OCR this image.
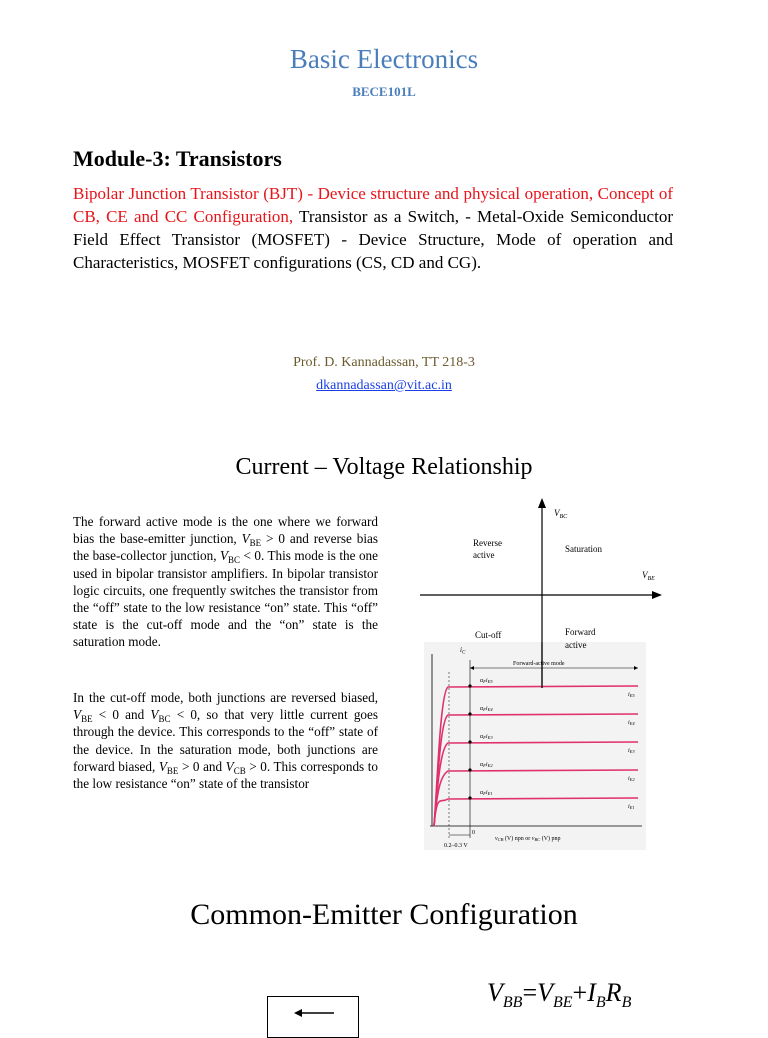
Basic Electronics
BECE101L
Module-3: Transistors
Bipolar Junction Transistor (BJT) - Device structure and physical operation, Concept of CB, CE and CC Configuration, Transistor as a Switch, - Metal-Oxide Semiconductor Field Effect Transistor (MOSFET) - Device Structure, Mode of operation and Characteristics, MOSFET configurations (CS, CD and CG).
Prof. D. Kannadassan, TT 218-3
dkannadassan@vit.ac.in
Current – Voltage Relationship
The forward active mode is the one where we forward bias the base-emitter junction, $V_{BE} > 0$ and reverse bias the base-collector junction, $V_{BC} < 0$. This mode is the one used in bipolar transistor amplifiers. In bipolar transistor logic circuits, one frequently switches the transistor from the “off” state to the low resistance “on” state. This “off” state is the cut-off mode and the “on” state is the saturation mode.
In the cut-off mode, both junctions are reversed biased, $V_{BE} < 0$ and $V_{BC} < 0$, so that very little current goes through the device. This corresponds to the “off” state of the device. In the saturation mode, both junctions are forward biased, $V_{BE} > 0$ and $V_{CB} > 0$. This corresponds to the low resistance “on” state of the transistor
$V_{BC}$
$V_{BE}$
Reverse
active
Saturation
Cut-off	Forward
active
$i_C$
Forward-active mode
αFiE5
iE5
αFiE4
iE4
αFiE3
iE3
αFiE2
iE2
αFiE1
iE1
0
vCB (V) npn or vBC (V) pnp
0.2–0.3 V
Common-Emitter Configuration
$V_{BB}=V_{BE}+I_BR_B$
